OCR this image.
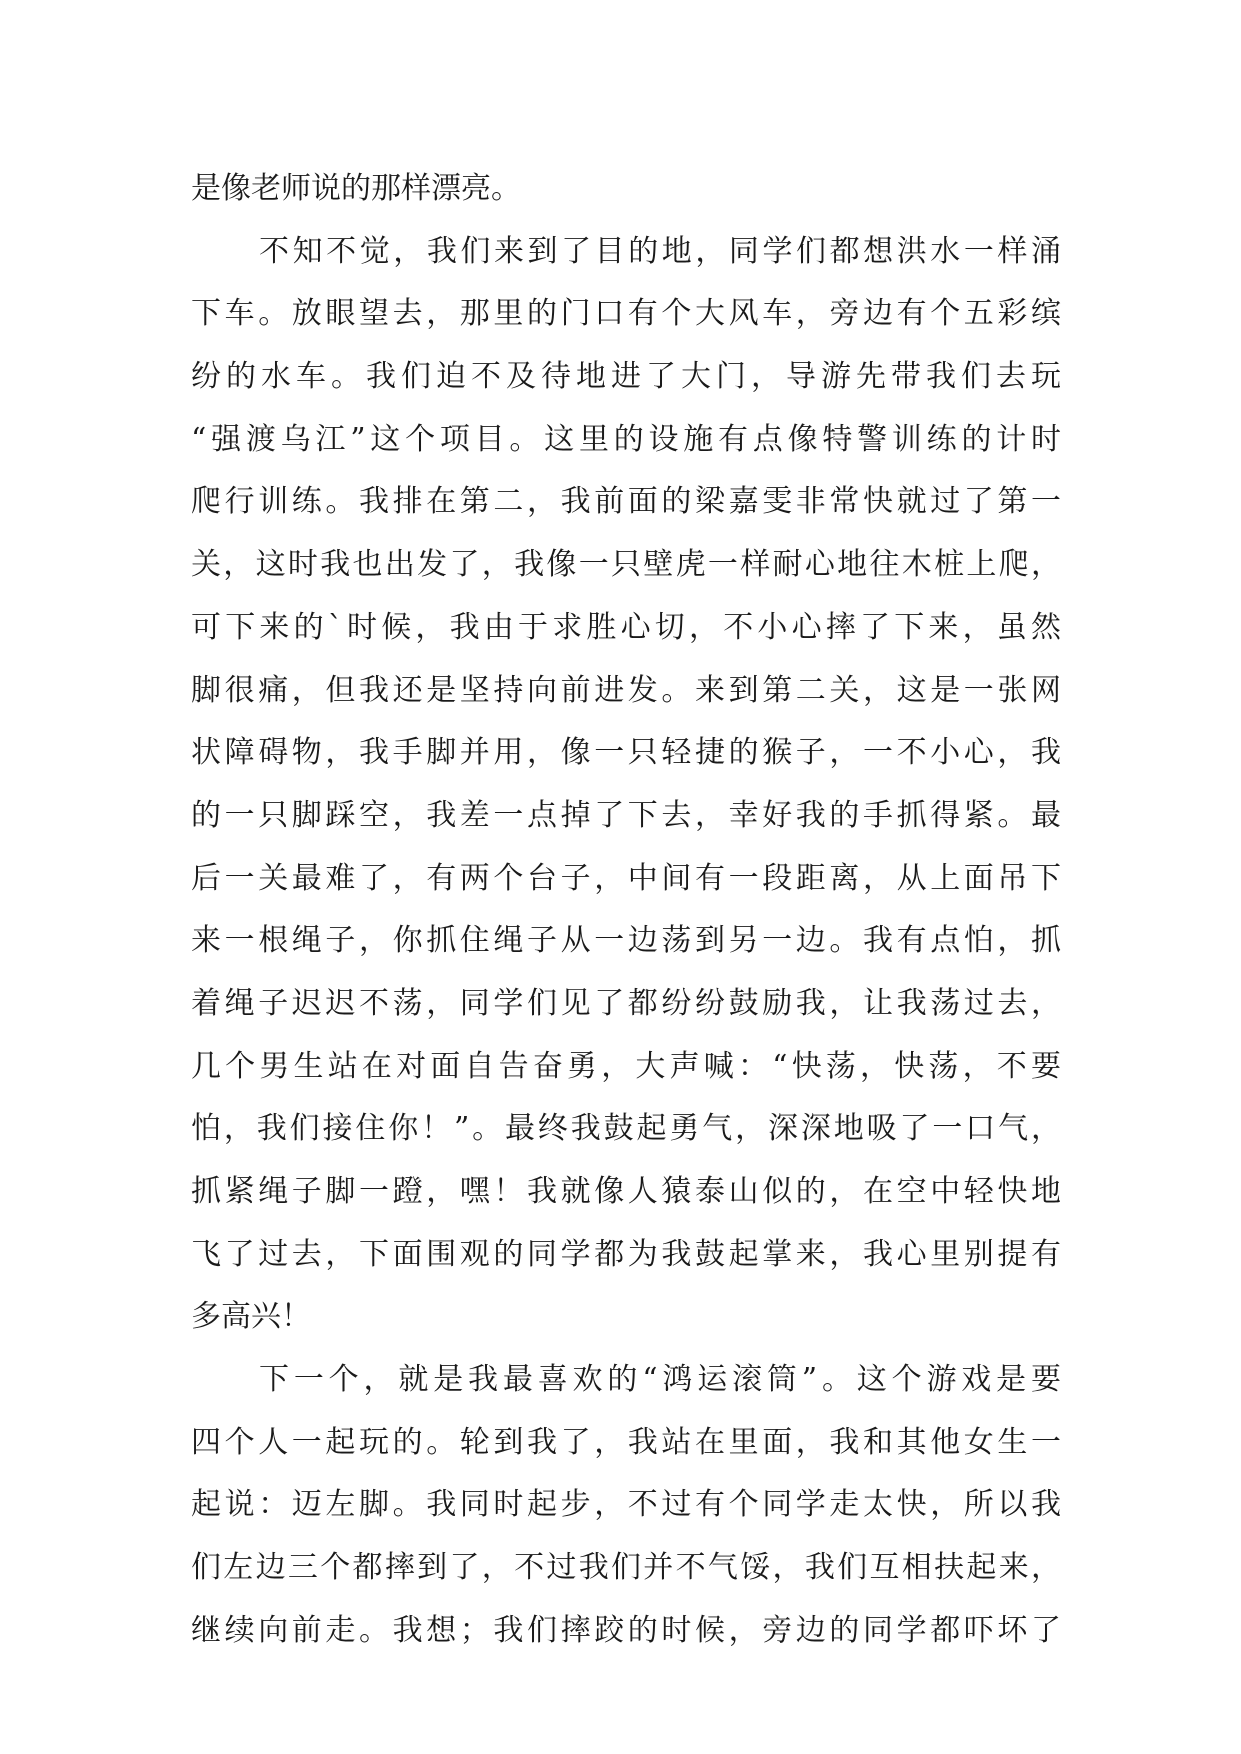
是像老师说的那样漂亮。
不知不觉，我们来到了目的地，同学们都想洪水一样涌
下车。放眼望去，那里的门口有个大风车，旁边有个五彩缤
纷的水车。我们迫不及待地进了大门，导游先带我们去玩
“强渡乌江”这个项目。这里的设施有点像特警训练的计时
爬行训练。我排在第二，我前面的梁嘉雯非常快就过了第一
关，这时我也出发了，我像一只壁虎一样耐心地往木桩上爬，
可下来的`时候，我由于求胜心切，不小心摔了下来，虽然
脚很痛，但我还是坚持向前进发。来到第二关，这是一张网
状障碍物，我手脚并用，像一只轻捷的猴子，一不小心，我
的一只脚踩空，我差一点掉了下去，幸好我的手抓得紧。最
后一关最难了，有两个台子，中间有一段距离，从上面吊下
来一根绳子，你抓住绳子从一边荡到另一边。我有点怕，抓
着绳子迟迟不荡，同学们见了都纷纷鼓励我，让我荡过去，
几个男生站在对面自告奋勇，大声喊：“快荡，快荡，不要
怕，我们接住你！”。最终我鼓起勇气，深深地吸了一口气，
抓紧绳子脚一蹬，嘿！我就像人猿泰山似的，在空中轻快地
飞了过去，下面围观的同学都为我鼓起掌来，我心里别提有
多高兴！
下一个，就是我最喜欢的“鸿运滚筒”。这个游戏是要
四个人一起玩的。轮到我了，我站在里面，我和其他女生一
起说：迈左脚。我同时起步，不过有个同学走太快，所以我
们左边三个都摔到了，不过我们并不气馁，我们互相扶起来，
继续向前走。我想；我们摔跤的时候，旁边的同学都吓坏了
